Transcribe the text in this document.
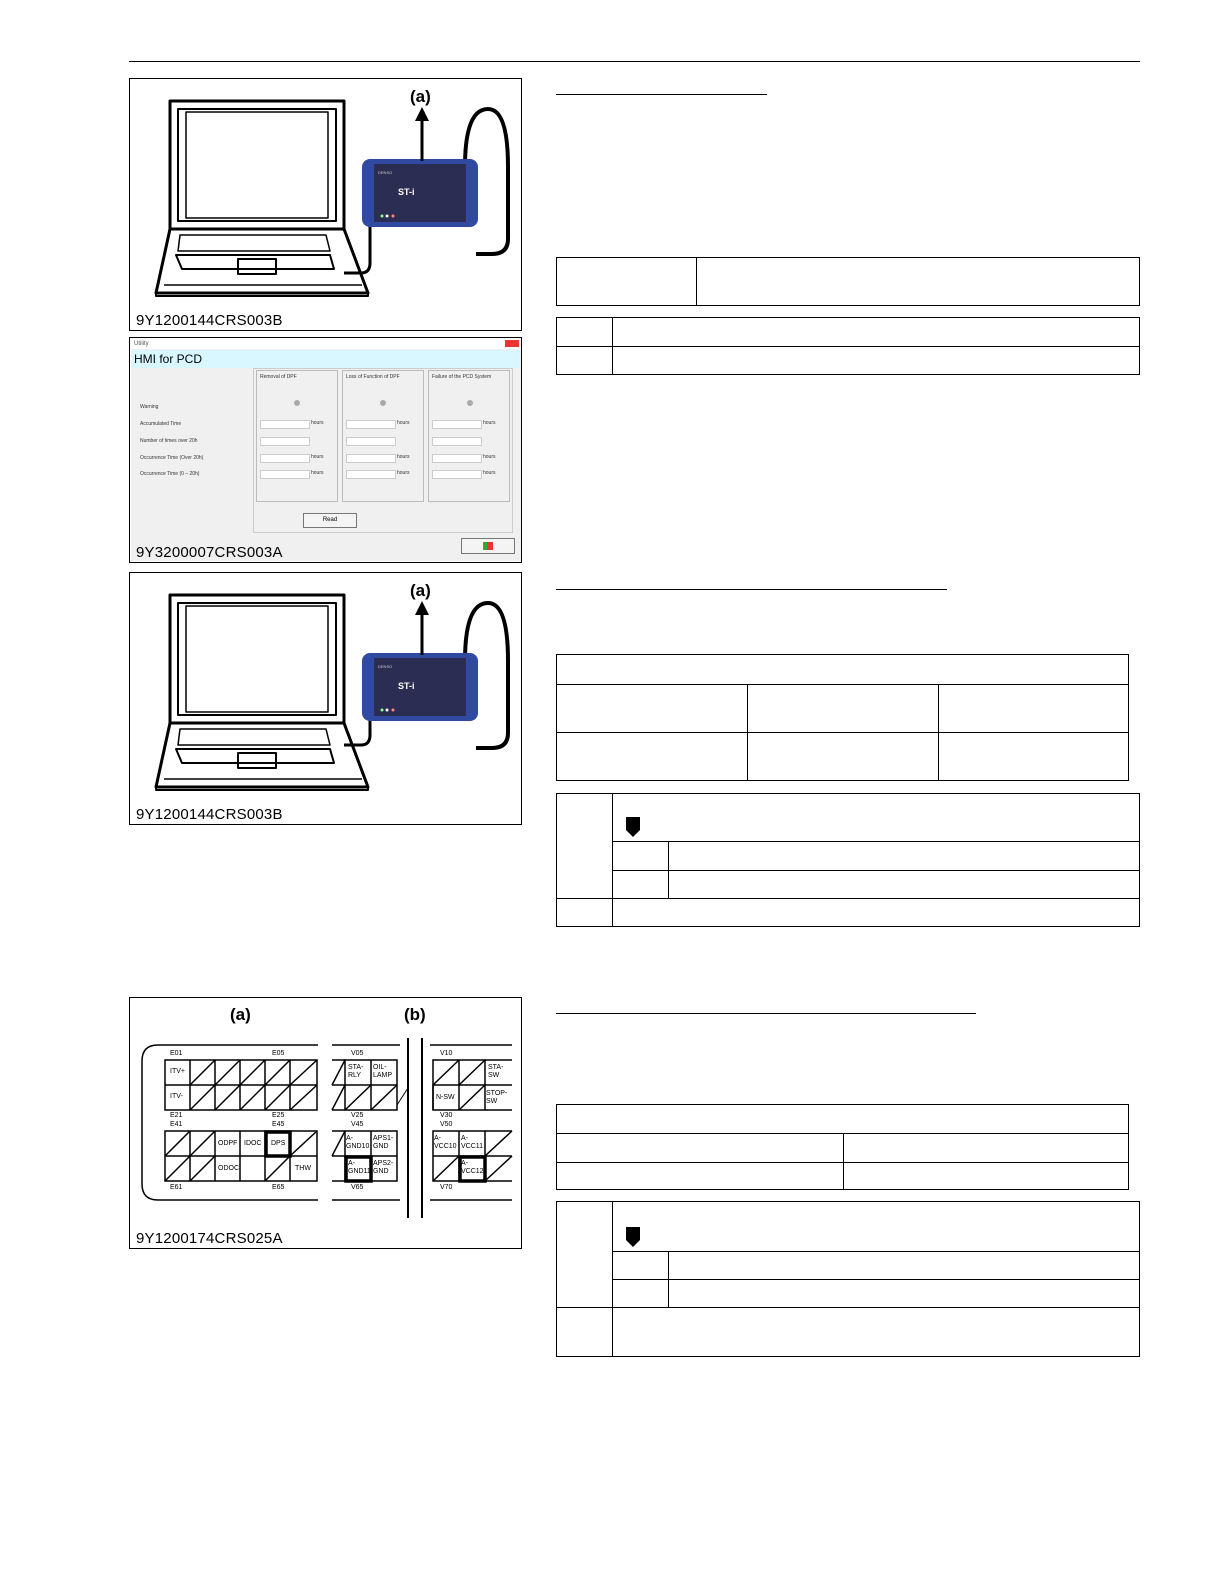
ST-i
DENSO
(a)
9Y1200144CRS003B
Utility
HMI for PCD
Warning
Accumulated Time
Number of times over 20h
Occurrence Time (Over 20h)
Occurrence Time (0 – 20h)
Removal of DPF
hours
hours
hours
Loss of Function of DPF
hours
hours
hours
Failure of the PCD System
hours
hours
hours
Read
9Y3200007CRS003A
ST-i
DENSO
(a)
9Y1200144CRS003B
(a)	(b)
E01	E05
ITV+
ITV-
E21	E25
E41	E45
ODPF IDOC DPS
ODOC	THW
E61	E65
V05
STA-RLY
OIL-LAMP
V25
V45
A-GND10
APS1-GND
A-GND11
APS2-GND
V65
V10
STA-SW
N-SW
STOP-SW
V30
V50
A-VCC10
A-VCC11
A-VCC12
V70
9Y1200174CRS025A
